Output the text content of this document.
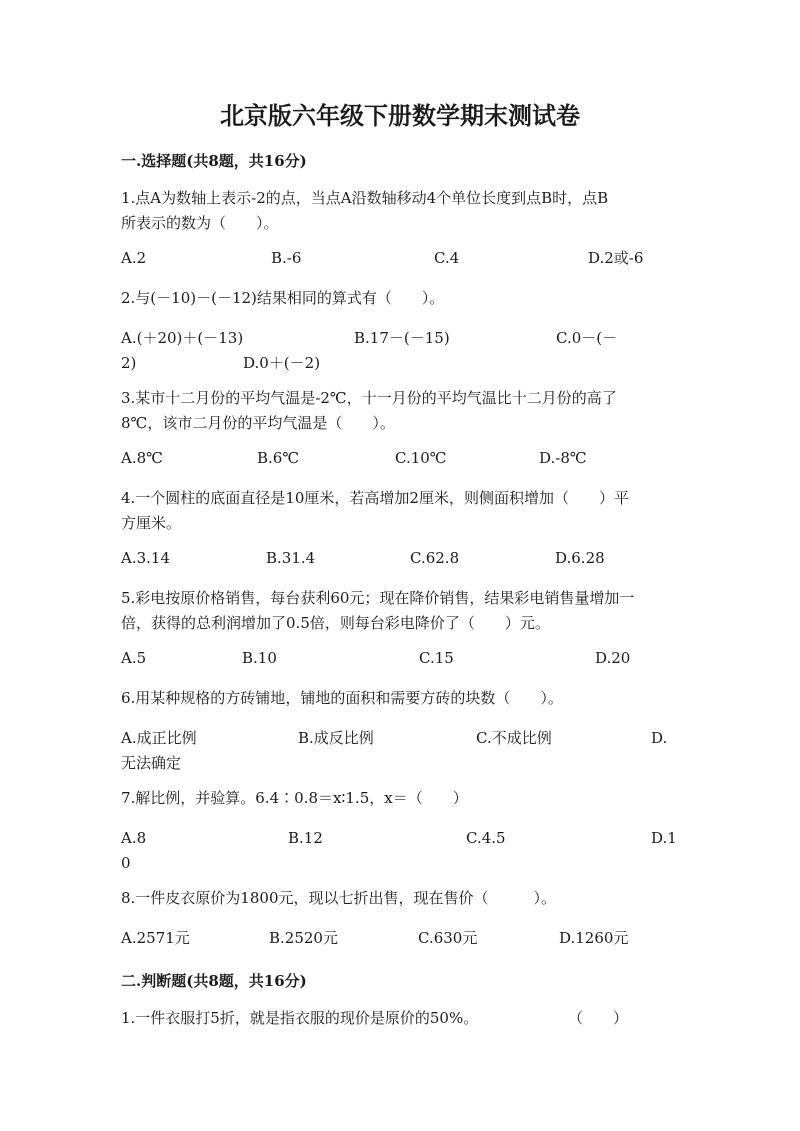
北京版六年级下册数学期末测试卷
一.选择题(共8题，共16分)
1.点A为数轴上表示-2的点，当点A沿数轴移动4个单位长度到点B时，点B
所表示的数为（　　）。
A.2	B.-6	C.4	D.2或-6
2.与(－10)－(－12)结果相同的算式有（　　）。
A.(＋20)＋(－13)	B.17－(－15)	C.0－(－
2)	D.0＋(－2)
3.某市十二月份的平均气温是-2℃，十一月份的平均气温比十二月份的高了
8℃，该市二月份的平均气温是（　　）。
A.8℃	B.6℃	C.10℃	D.-8℃
4.一个圆柱的底面直径是10厘米，若高增加2厘米，则侧面积增加（　　）平
方厘米。
A.3.14	B.31.4	C.62.8	D.6.28
5.彩电按原价格销售，每台获利60元；现在降价销售，结果彩电销售量增加一
倍，获得的总利润增加了0.5倍，则每台彩电降价了（　　）元。
A.5	B.10	C.15	D.20
6.用某种规格的方砖铺地，铺地的面积和需要方砖的块数（　　）。
A.成正比例	B.成反比例	C.不成比例	D.
无法确定
7.解比例，并验算。6.4∶0.8＝x∶1.5，x＝（　　）
A.8	B.12	C.4.5	D.1
0
8.一件皮衣原价为1800元，现以七折出售，现在售价（　　　）。
A.2571元	B.2520元	C.630元	D.1260元
二.判断题(共8题，共16分)
1.一件衣服打5折，就是指衣服的现价是原价的50%。	（　　）
